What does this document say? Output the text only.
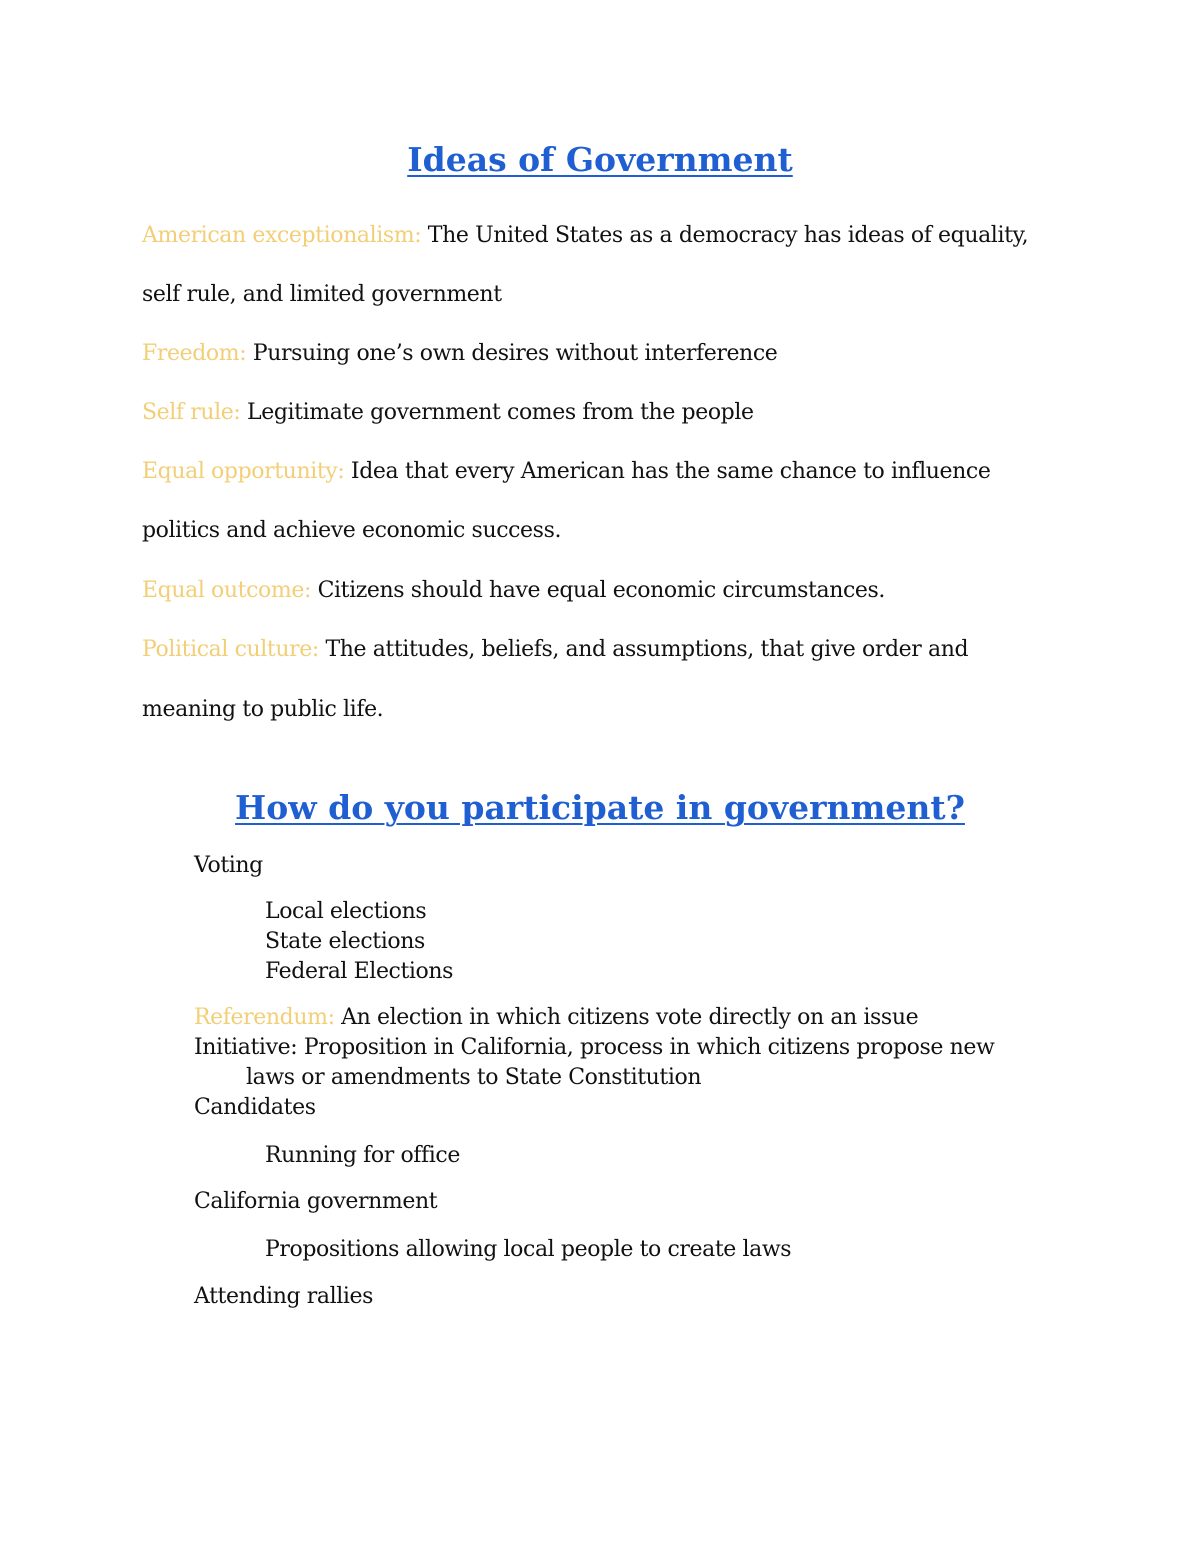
Ideas of Government
American exceptionalism: The United States as a democracy has ideas of equality,
self rule, and limited government
Freedom: Pursuing one’s own desires without interference
Self rule: Legitimate government comes from the people
Equal opportunity: Idea that every American has the same chance to influence
politics and achieve economic success.
Equal outcome: Citizens should have equal economic circumstances.
Political culture: The attitudes, beliefs, and assumptions, that give order and
meaning to public life.
How do you participate in government?
Voting
Local elections
State elections
Federal Elections
Referendum: An election in which citizens vote directly on an issue
Initiative: Proposition in California, process in which citizens propose new
laws or amendments to State Constitution
Candidates
Running for office
California government
Propositions allowing local people to create laws
Attending rallies
